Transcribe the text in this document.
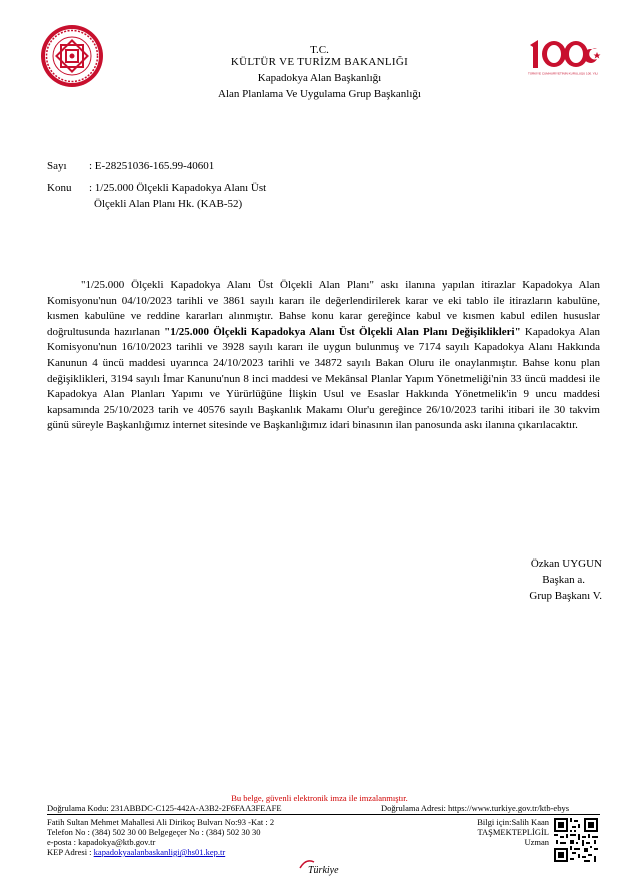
T.C.
KÜLTÜR VE TURİZM BAKANLIĞI
Kapadokya Alan Başkanlığı
Alan Planlama Ve Uygulama Grup Başkanlığı
TÜRKİYE CUMHURİYETİNİN KURULUŞU 100. YILI
Sayı : E-28251036-165.99-40601
Konu : 1/25.000 Ölçekli Kapadokya Alanı Üst
Ölçekli Alan Planı Hk. (KAB-52)

"1/25.000 Ölçekli Kapadokya Alanı Üst Ölçekli Alan Planı" askı ilanına yapılan itirazlar Kapadokya Alan Komisyonu'nun 04/10/2023 tarihli ve 3861 sayılı kararı ile değerlendirilerek karar ve eki tablo ile itirazların kabulüne, kısmen kabulüne ve reddine kararları alınmıştır. Bahse konu karar gereğince kabul ve kısmen kabul edilen hususlar doğrultusunda hazırlanan "1/25.000 Ölçekli Kapadokya Alanı Üst Ölçekli Alan Planı Değişiklikleri" Kapadokya Alan Komisyonu'nun 16/10/2023 tarihli ve 3928 sayılı kararı ile uygun bulunmuş ve 7174 sayılı Kapadokya Alanı Hakkında Kanunun 4 üncü maddesi uyarınca 24/10/2023 tarihli ve 34872 sayılı Bakan Oluru ile onaylanmıştır. Bahse konu plan değişiklikleri, 3194 sayılı İmar Kanunu'nun 8 inci maddesi ve Mekânsal Planlar Yapım Yönetmeliği'nin 33 üncü maddesi ile Kapadokya Alan Planları Yapımı ve Yürürlüğüne İlişkin Usul ve Esaslar Hakkında Yönetmelik'in 9 uncu maddesi kapsamında 25/10/2023 tarih ve 40576 sayılı Başkanlık Makamı Olur'u gereğince 26/10/2023 tarihi itibari ile 30 takvim günü süreyle Başkanlığımız internet sitesinde ve Başkanlığımız idari binasının ilan panosunda askı ilanına çıkarılacaktır.

Özkan UYGUN
Başkan a.
Grup Başkanı V.
Bu belge, güvenli elektronik imza ile imzalanmıştır.
Doğrulama Kodu: 231ABBDC-C125-442A-A3B2-2F6FAA3FEAFE	Doğrulama Adresi: https://www.turkiye.gov.tr/ktb-ebys
Fatih Sultan Mehmet Mahallesi Ali Dirikoç Bulvarı No:93 -Kat : 2
Telefon No : (384) 502 30 00 Belgegeçer No : (384) 502 30 30
e-posta : kapadokya@ktb.gov.tr
KEP Adresi : kapadokyaalanbaskanligi@hs01.kep.tr
Bilgi için:Salih Kaan
TAŞMEKTEPLİGİL
Uzman
Türkiye
